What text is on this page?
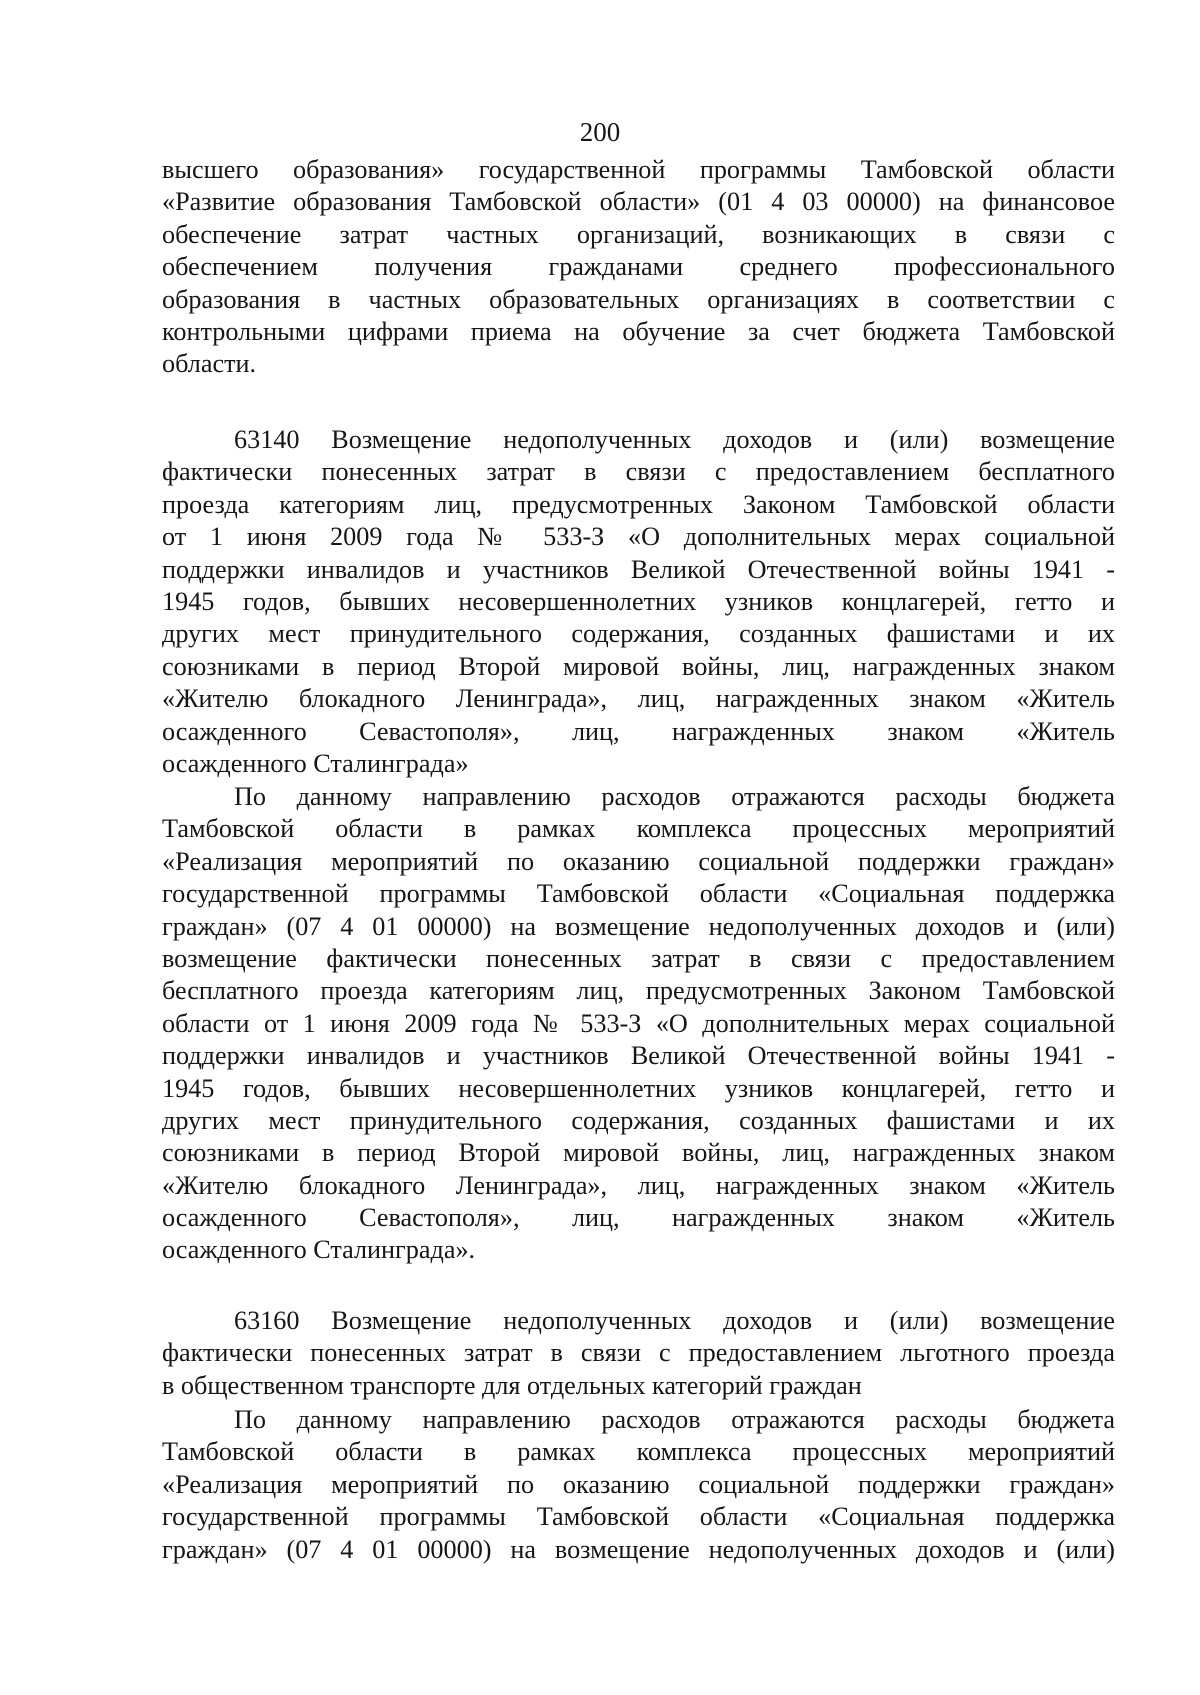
200
высшего образования» государственной программы Тамбовской области
«Развитие образования Тамбовской области» (01 4 03 00000) на финансовое
обеспечение затрат частных организаций, возникающих в связи с
обеспечением получения гражданами среднего профессионального
образования в частных образовательных организациях в соответствии с
контрольными цифрами приема на обучение за счет бюджета Тамбовской
области.
63140 Возмещение недополученных доходов и (или) возмещение
фактически понесенных затрат в связи с предоставлением бесплатного
проезда категориям лиц, предусмотренных Законом Тамбовской области
от 1 июня 2009 года № 533-З «О дополнительных мерах социальной
поддержки инвалидов и участников Великой Отечественной войны 1941 -
1945 годов, бывших несовершеннолетних узников концлагерей, гетто и
других мест принудительного содержания, созданных фашистами и их
союзниками в период Второй мировой войны, лиц, награжденных знаком
«Жителю блокадного Ленинграда», лиц, награжденных знаком «Житель
осажденного Севастополя», лиц, награжденных знаком «Житель
осажденного Сталинграда»
По данному направлению расходов отражаются расходы бюджета
Тамбовской области в рамках комплекса процессных мероприятий
«Реализация мероприятий по оказанию социальной поддержки граждан»
государственной программы Тамбовской области «Социальная поддержка
граждан» (07 4 01 00000) на возмещение недополученных доходов и (или)
возмещение фактически понесенных затрат в связи с предоставлением
бесплатного проезда категориям лиц, предусмотренных Законом Тамбовской
области от 1 июня 2009 года № 533-З «О дополнительных мерах социальной
поддержки инвалидов и участников Великой Отечественной войны 1941 -
1945 годов, бывших несовершеннолетних узников концлагерей, гетто и
других мест принудительного содержания, созданных фашистами и их
союзниками в период Второй мировой войны, лиц, награжденных знаком
«Жителю блокадного Ленинграда», лиц, награжденных знаком «Житель
осажденного Севастополя», лиц, награжденных знаком «Житель
осажденного Сталинграда».
63160 Возмещение недополученных доходов и (или) возмещение
фактически понесенных затрат в связи с предоставлением льготного проезда
в общественном транспорте для отдельных категорий граждан
По данному направлению расходов отражаются расходы бюджета
Тамбовской области в рамках комплекса процессных мероприятий
«Реализация мероприятий по оказанию социальной поддержки граждан»
государственной программы Тамбовской области «Социальная поддержка
граждан» (07 4 01 00000) на возмещение недополученных доходов и (или)
